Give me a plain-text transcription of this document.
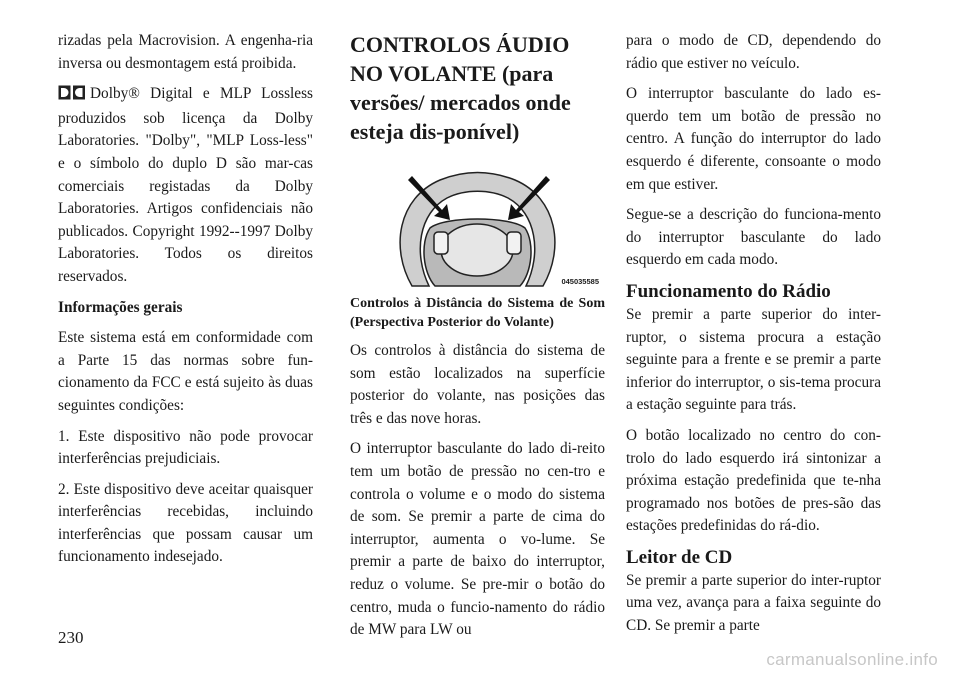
rizadas pela Macrovision. A engenha-ria inversa ou desmontagem está proibida.

Dolby® Digital e MLP Lossless produzidos sob licença da Dolby Laboratories. "Dolby", "MLP Loss-less" e o símbolo do duplo D são mar-cas comerciais registadas da Dolby Laboratories. Artigos confidenciais não publicados. Copyright 1992--1997 Dolby Laboratories. Todos os direitos reservados.

Informações gerais

Este sistema está em conformidade com a Parte 15 das normas sobre fun-cionamento da FCC e está sujeito às duas seguintes condições:

1. Este dispositivo não pode provocar interferências prejudiciais.

2. Este dispositivo deve aceitar quaisquer interferências recebidas, incluindo interferências que possam causar um funcionamento indesejado.

CONTROLOS ÁUDIO NO VOLANTE (para versões/ mercados onde esteja dis-ponível)
045035585

Controlos à Distância do Sistema de Som (Perspectiva Posterior do Volante)

Os controlos à distância do sistema de som estão localizados na superfície posterior do volante, nas posições das três e das nove horas.

O interruptor basculante do lado di-reito tem um botão de pressão no cen-tro e controla o volume e o modo do sistema de som. Se premir a parte de cima do interruptor, aumenta o vo-lume. Se premir a parte de baixo do interruptor, reduz o volume. Se pre-mir o botão do centro, muda o funcio-namento do rádio de MW para LW ou

para o modo de CD, dependendo do rádio que estiver no veículo.

O interruptor basculante do lado es-querdo tem um botão de pressão no centro. A função do interruptor do lado esquerdo é diferente, consoante o modo em que estiver.

Segue-se a descrição do funciona-mento do interruptor basculante do lado esquerdo em cada modo.

Funcionamento do Rádio

Se premir a parte superior do inter-ruptor, o sistema procura a estação seguinte para a frente e se premir a parte inferior do interruptor, o sis-tema procura a estação seguinte para trás.

O botão localizado no centro do con-trolo do lado esquerdo irá sintonizar a próxima estação predefinida que te-nha programado nos botões de pres-são das estações predefinidas do rá-dio.

Leitor de CD

Se premir a parte superior do inter-ruptor uma vez, avança para a faixa seguinte do CD. Se premir a parte

230
carmanualsonline.info
